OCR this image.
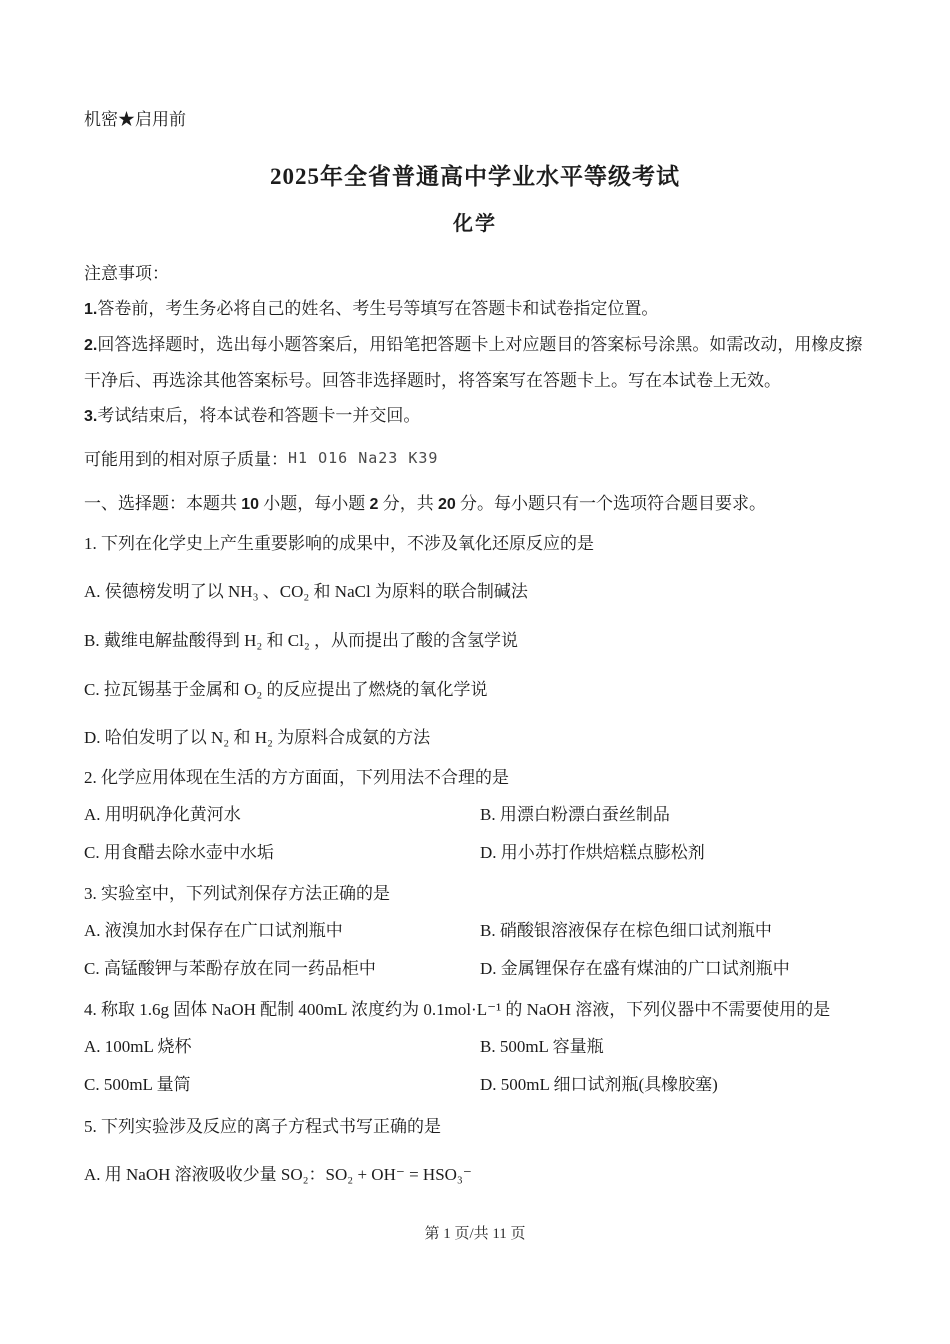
机密★启用前
2025年全省普通高中学业水平等级考试
化学

注意事项：

1.答卷前，考生务必将自己的姓名、考生号等填写在答题卡和试卷指定位置。

2.回答选择题时，选出每小题答案后，用铅笔把答题卡上对应题目的答案标号涂黑。如需改动，用橡皮擦干净后、再选涂其他答案标号。回答非选择题时，将答案写在答题卡上。写在本试卷上无效。

3.考试结束后，将本试卷和答题卡一并交回。

可能用到的相对原子质量：H1 O16 Na23 K39

一、选择题：本题共 10 小题，每小题 2 分，共 20 分。每小题只有一个选项符合题目要求。

1. 下列在化学史上产生重要影响的成果中，不涉及氧化还原反应的是

A. 侯德榜发明了以 NH₃ 、CO₂ 和 NaCl 为原料的联合制碱法

B. 戴维电解盐酸得到 H₂ 和 Cl₂ ，从而提出了酸的含氢学说

C. 拉瓦锡基于金属和 O₂ 的反应提出了燃烧的氧化学说

D. 哈伯发明了以 N₂ 和 H₂ 为原料合成氨的方法

2. 化学应用体现在生活的方方面面，下列用法不合理的是

A. 用明矾净化黄河水	B. 用漂白粉漂白蚕丝制品

C. 用食醋去除水壶中水垢	D. 用小苏打作烘焙糕点膨松剂

3. 实验室中，下列试剂保存方法正确的是

A. 液溴加水封保存在广口试剂瓶中	B. 硝酸银溶液保存在棕色细口试剂瓶中

C. 高锰酸钾与苯酚存放在同一药品柜中	D. 金属锂保存在盛有煤油的广口试剂瓶中

4. 称取 1.6g 固体 NaOH 配制 400mL 浓度约为 0.1mol·L⁻¹ 的 NaOH 溶液，下列仪器中不需要使用的是

A. 100mL 烧杯	B. 500mL 容量瓶

C. 500mL 量筒	D. 500mL 细口试剂瓶(具橡胶塞)

5. 下列实验涉及反应的离子方程式书写正确的是

A. 用 NaOH 溶液吸收少量 SO₂：SO₂ + OH⁻ = HSO₃⁻

第 1 页/共 11 页
